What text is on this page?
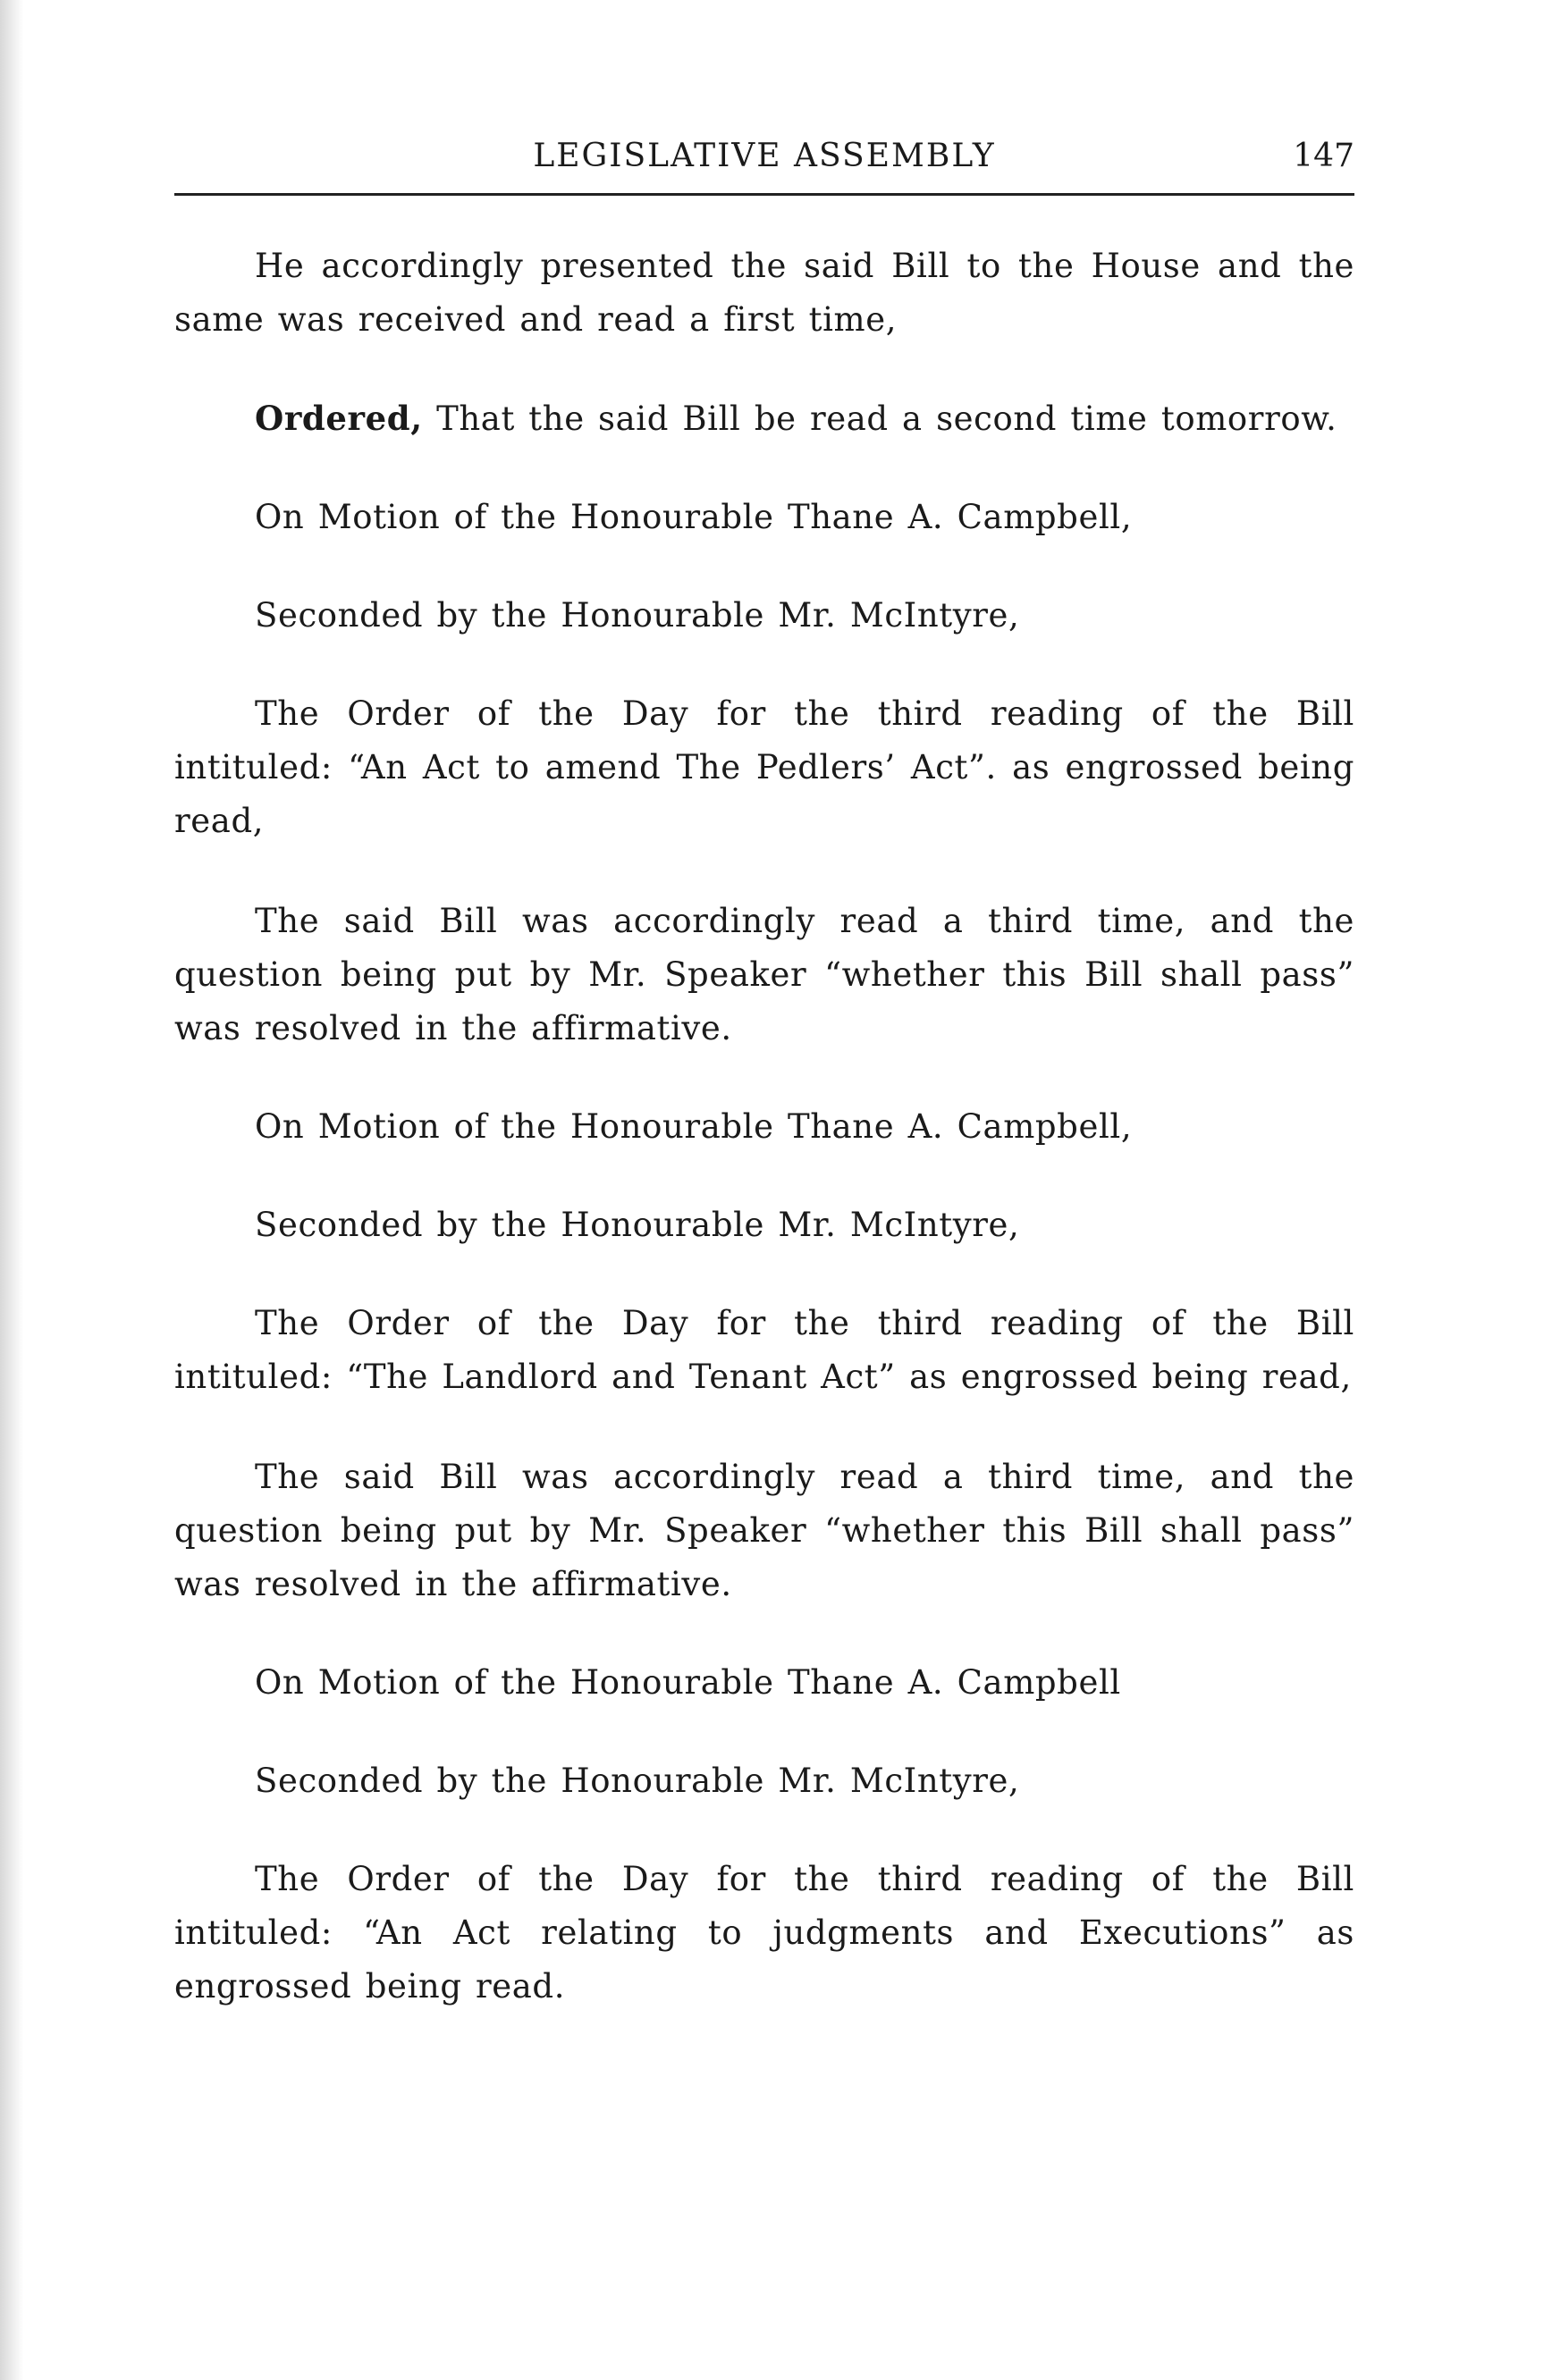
LEGISLATIVE ASSEMBLY	147

He accordingly presented the said Bill to the House and the same was received and read a first time,

Ordered, That the said Bill be read a second time tomorrow.

On Motion of the Honourable Thane A. Campbell,

Seconded by the Honourable Mr. McIntyre,

The Order of the Day for the third reading of the Bill intituled: “An Act to amend The Pedlers’ Act”. as engrossed being read,

The said Bill was accordingly read a third time, and the question being put by Mr. Speaker “whether this Bill shall pass” was resolved in the affirmative.

On Motion of the Honourable Thane A. Campbell,

Seconded by the Honourable Mr. McIntyre,

The Order of the Day for the third reading of the Bill intituled: “The Landlord and Tenant Act” as engrossed being read,

The said Bill was accordingly read a third time, and the question being put by Mr. Speaker “whether this Bill shall pass” was resolved in the affirmative.

On Motion of the Honourable Thane A. Campbell

Seconded by the Honourable Mr. McIntyre,

The Order of the Day for the third reading of the Bill intituled: “An Act relating to judgments and Executions” as engrossed being read.
